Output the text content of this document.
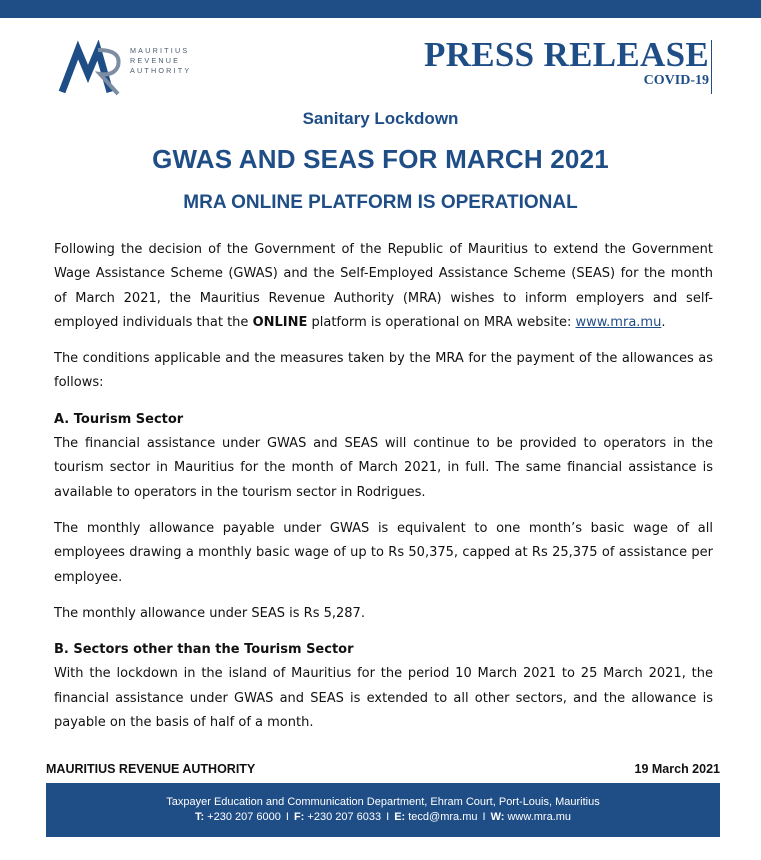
MAURITIUS
REVENUE
AUTHORITY	PRESS RELEASE
COVID-19
Sanitary Lockdown
GWAS AND SEAS FOR MARCH 2021
MRA ONLINE PLATFORM IS OPERATIONAL

Following the decision of the Government of the Republic of Mauritius to extend the Government Wage Assistance Scheme (GWAS) and the Self-Employed Assistance Scheme (SEAS) for the month of March 2021, the Mauritius Revenue Authority (MRA) wishes to inform employers and self-employed individuals that the ONLINE platform is operational on MRA website: www.mra.mu.

The conditions applicable and the measures taken by the MRA for the payment of the allowances as follows:

A. Tourism Sector

The financial assistance under GWAS and SEAS will continue to be provided to operators in the tourism sector in Mauritius for the month of March 2021, in full. The same financial assistance is available to operators in the tourism sector in Rodrigues.

The monthly allowance payable under GWAS is equivalent to one month’s basic wage of all employees drawing a monthly basic wage of up to Rs 50,375, capped at Rs 25,375 of assistance per employee.

The monthly allowance under SEAS is Rs 5,287.

B. Sectors other than the Tourism Sector

With the lockdown in the island of Mauritius for the period 10 March 2021 to 25 March 2021, the financial assistance under GWAS and SEAS is extended to all other sectors, and the allowance is payable on the basis of half of a month.

MAURITIUS REVENUE AUTHORITY	19 March 2021
Taxpayer Education and Communication Department, Ehram Court, Port-Louis, Mauritius
T: +230 207 6000 I F: +230 207 6033 I E: tecd@mra.mu I W: www.mra.mu
